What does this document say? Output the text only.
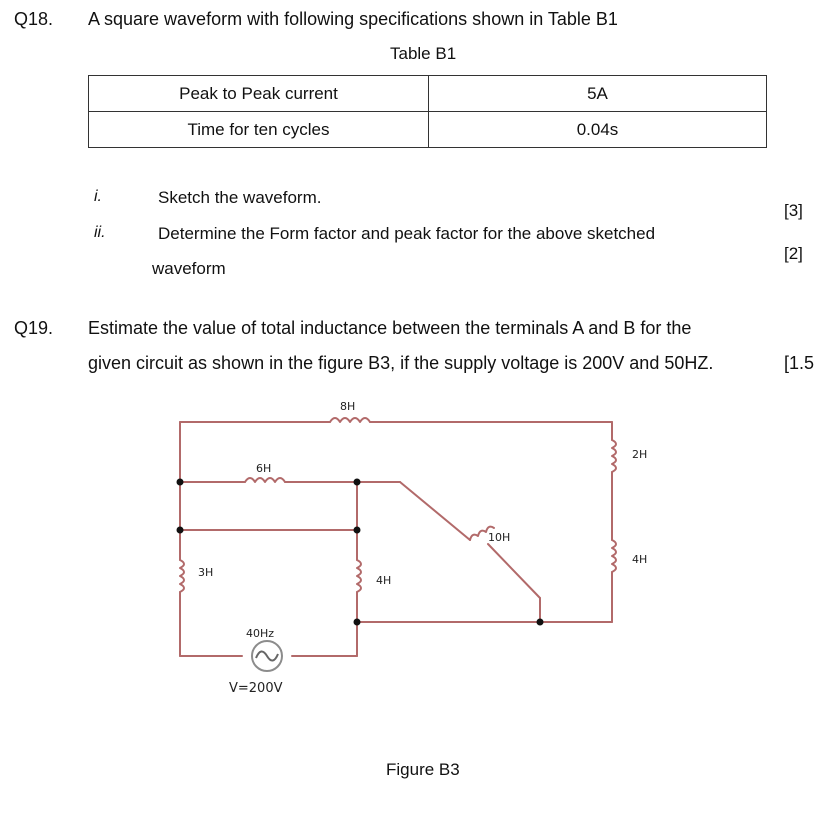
Q18. A square waveform with following specifications shown in Table B1
Table B1
Peak to Peak current	5A
Time for ten cycles	0.04s
i.	Sketch the waveform.
[3]
ii.	Determine the Form factor and peak factor for the above sketched
[2]
waveform
Q19. Estimate the value of total inductance between the terminals A and B for the
given circuit as shown in the figure B3, if the supply voltage is 200V and 50HZ.	[1.5
8H
6H
2H
10H
4H
3H
4H
40Hz
V=200V
Figure B3
